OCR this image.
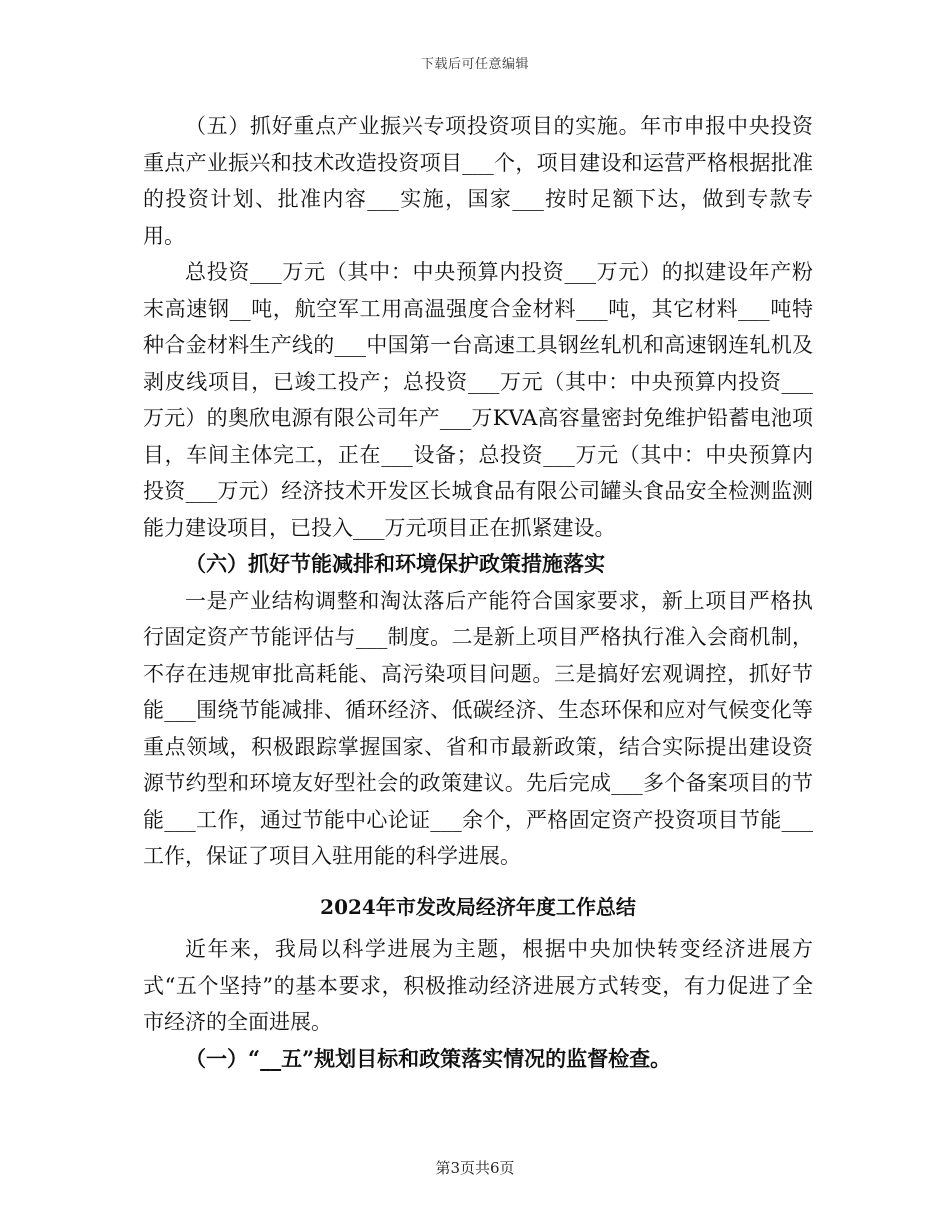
下载后可任意编辑

（五）抓好重点产业振兴专项投资项目的实施。年市申报中央投资重点产业振兴和技术改造投资项目___个，项目建设和运营严格根据批准的投资计划、批准内容___实施，国家___按时足额下达，做到专款专用。

总投资___万元（其中：中央预算内投资___万元）的拟建设年产粉末高速钢__吨，航空军工用高温强度合金材料___吨，其它材料___吨特种合金材料生产线的___中国第一台高速工具钢丝轧机和高速钢连轧机及剥皮线项目，已竣工投产；总投资___万元（其中：中央预算内投资___万元）的奥欣电源有限公司年产___万KVA高容量密封免维护铅蓄电池项目，车间主体完工，正在___设备；总投资___万元（其中：中央预算内投资___万元）经济技术开发区长城食品有限公司罐头食品安全检测监测能力建设项目，已投入___万元项目正在抓紧建设。

（六）抓好节能减排和环境保护政策措施落实

一是产业结构调整和淘汰落后产能符合国家要求，新上项目严格执行固定资产节能评估与___制度。二是新上项目严格执行准入会商机制，不存在违规审批高耗能、高污染项目问题。三是搞好宏观调控，抓好节能___围绕节能减排、循环经济、低碳经济、生态环保和应对气候变化等重点领域，积极跟踪掌握国家、省和市最新政策，结合实际提出建设资源节约型和环境友好型社会的政策建议。先后完成___多个备案项目的节能___工作，通过节能中心论证___余个，严格固定资产投资项目节能___工作，保证了项目入驻用能的科学进展。

2024年市发改局经济年度工作总结

近年来，我局以科学进展为主题，根据中央加快转变经济进展方式“五个坚持”的基本要求，积极推动经济进展方式转变，有力促进了全市经济的全面进展。

（一）“__五”规划目标和政策落实情况的监督检查。

第3页共6页
